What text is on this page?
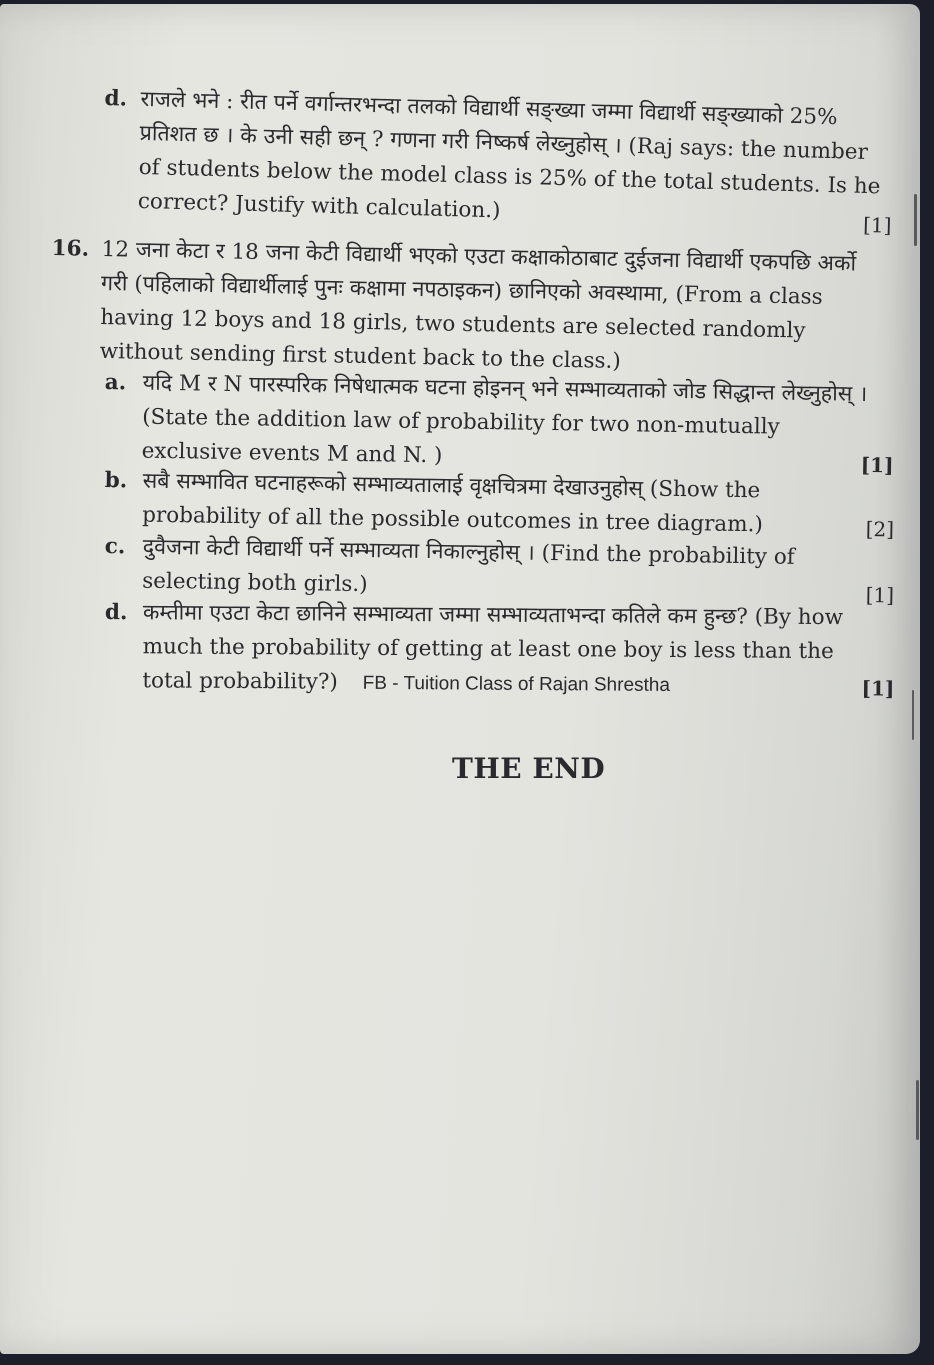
d. राजले भने : रीत पर्ने वर्गान्तरभन्दा तलको विद्यार्थी सङ्ख्या जम्मा विद्यार्थी सङ्ख्याको 25% प्रतिशत छ । के उनी सही छन् ? गणना गरी निष्कर्ष लेख्नुहोस् । (Raj says: the number of students below the model class is 25% of the total students. Is he correct? Justify with calculation.)
[1]
16. 12 जना केटा र 18 जना केटी विद्यार्थी भएको एउटा कक्षाकोठाबाट दुईजना विद्यार्थी एकपछि अर्को गरी (पहिलाको विद्यार्थीलाई पुनः कक्षामा नपठाइकन) छानिएको अवस्थामा, (From a class having 12 boys and 18 girls, two students are selected randomly without sending first student back to the class.)
a. यदि M र N पारस्परिक निषेधात्मक घटना होइनन् भने सम्भाव्यताको जोड सिद्धान्त लेख्नुहोस् । (State the addition law of probability for two non-mutually exclusive events M and N. )	[1]
b. सबै सम्भावित घटनाहरूको सम्भाव्यतालाई वृक्षचित्रमा देखाउनुहोस् (Show the probability of all the possible outcomes in tree diagram.)	[2]
c. दुवैजना केटी विद्यार्थी पर्ने सम्भाव्यता निकाल्नुहोस् । (Find the probability of selecting both girls.)	[1]
d. कम्तीमा एउटा केटा छानिने सम्भाव्यता जम्मा सम्भाव्यताभन्दा कतिले कम हुन्छ? (By how much the probability of getting at least one boy is less than the total probability?) FB - Tuition Class of Rajan Shrestha	[1]
THE END
